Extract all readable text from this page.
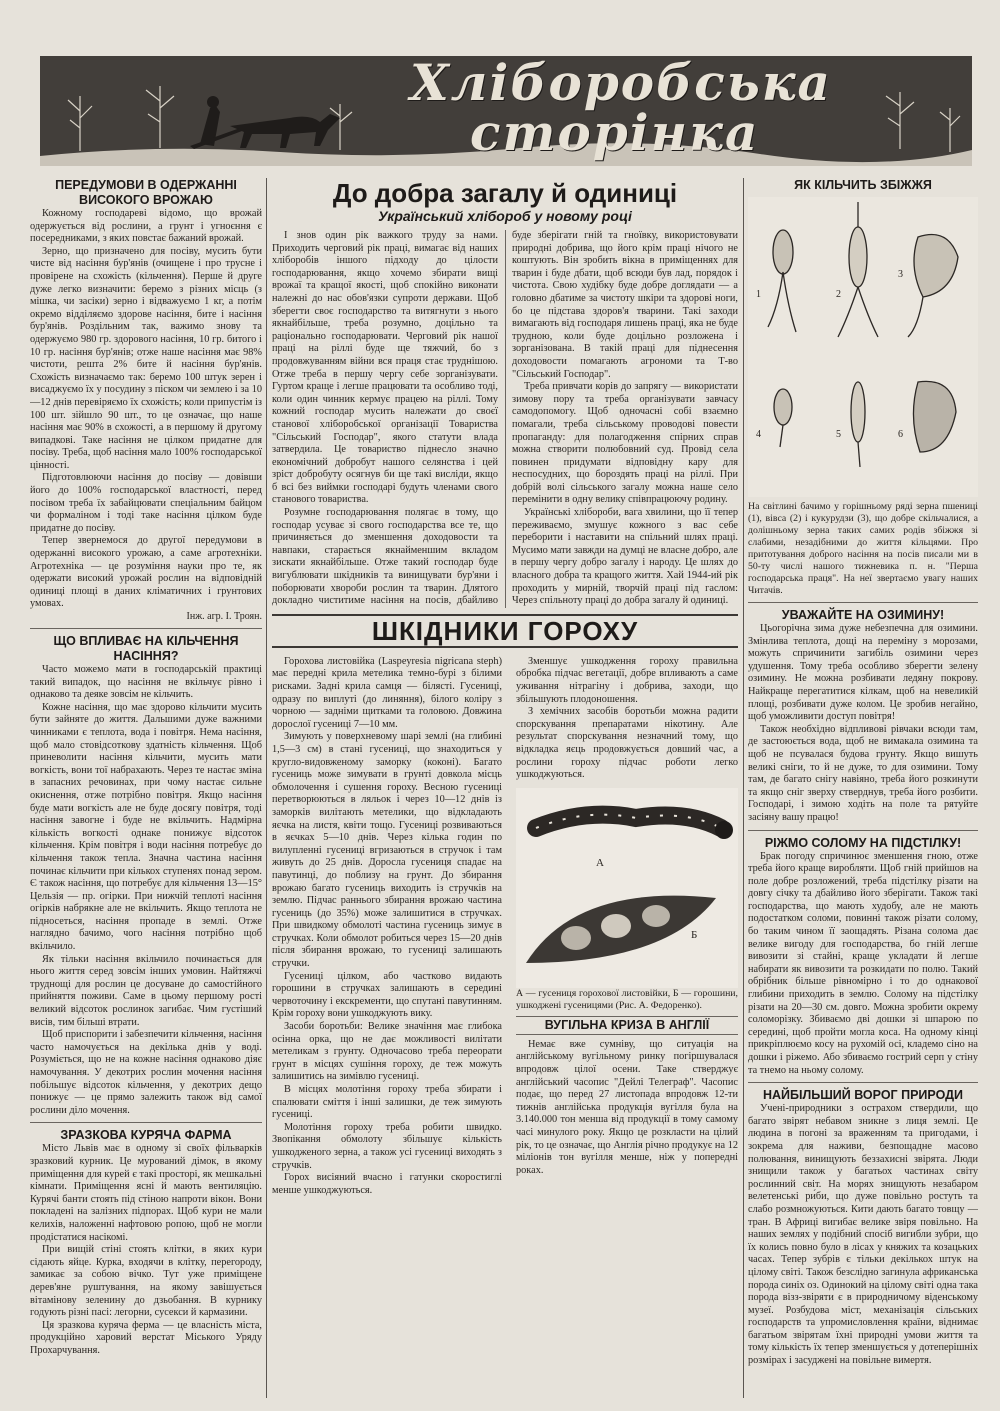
Хліборобська
сторінка
ПЕРЕДУМОВИ В ОДЕРЖАННІ ВИСОКОГО ВРОЖАЮ

Кожному господареві відомо, що врожай одержується від рослини, а грунт і угноєння є посередниками, з яких повстає бажаний врожай.

Зерно, що призначено для посіву, мусить бути чисте від насіння бур'янів (очищене і про трусне і провірене на схожість (кільчення). Перше й друге дуже легко визначити: беремо з різних місць (з мішка, чи засіки) зерно і відважуємо 1 кг, а потім окремо відділяємо здорове насіння, бите і насіння бур'янів. Роздільним так, важимо знову та одержуємо 980 гр. здорового насіння, 10 гр. битого і 10 гр. насіння бур'янів; отже наше насіння має 98% чистоти, решта 2% бите й насіння бур'янів. Схожість визначаємо так: беремо 100 штук зерен і висаджуємо їх у посудину з піском чи землею і за 10—12 днів перевіряємо їх схожість; коли припустім із 100 шт. зійшло 90 шт., то це означає, що наше насіння має 90% в схожості, а в першому й другому випадкові. Таке насіння не цілком придатне для посіву. Треба, щоб насіння мало 100% господарської цінності.

Підготовлюючи насіння до посіву — довівши його до 100% господарської властності, перед посівом треба їх забайцювати спеціальним байцом чи формаліном і тоді таке насіння цілком буде придатне до посіву.

Тепер звернемося до другої передумови в одержанні високого урожаю, а саме агротехніки. Агротехніка — це розуміння науки про те, як одержати високий урожай рослин на відповідній одиниці площі в даних кліматичних і грунтових умовах.

Інж. агр. І. Троян.

ЩО ВПЛИВАЄ НА КІЛЬЧЕННЯ НАСІННЯ?

Часто можемо мати в господарській практиці такий випадок, що насіння не вкільчує рівно і однаково та деяке зовсім не кільчить.

Кожне насіння, що має здорово кільчити мусить бути зайняте до життя. Дальшими дуже важними чинниками є теплота, вода і повітря. Нема насіння, щоб мало стовідсоткову здатність кільчення. Щоб приневолити насіння кільчити, мусить мати вогкість, вони тої набрахають. Через те настає зміна в запасних речовинах, при чому настає сильне окиснення, отже потрібно повітря. Якщо насіння буде мати вогкість але не буде досягу повітря, тоді насіння завогне і буде не вкільчить. Надмірна кількість вогкості однаке понижує відсоток кільчення. Крім повітря і води насіння потребує до кільчення також тепла. Значна частина насіння починає кільчити при кількох ступенях понад зером. Є також насіння, що потребує для кільчення 13—15° Цельзія — пр. огірки. При нижчій теплоті насіння огірків набрякне але не вкільчить. Якщо теплота не підносеться, насіння пропаде в землі. Отже наглядно бачимо, чого насіння потрібно щоб вкільчило.

Як тільки насіння вкільчило починається для нього життя серед зовсім інших умовин. Найтяжчі труднощі для рослин це досуване до самостійного прийняття поживи. Саме в цьому першому рості великий відсоток рослинок загибає. Чим густіший висів, тим більші втрати.

Щоб приспорити і забезпечити кільчення, насіння часто намочується на декілька днів у воді. Розуміється, що не на кожне насіння однаково діяє намочування. У декотрих рослин мочення насіння побільшує відсоток кільчення, у декотрих дещо понижує — це прямо залежить також від самої рослини діло мочення.

ЗРАЗКОВА КУРЯЧА ФАРМА

Місто Львів має в одному зі своїх фільварків зразковий курник. Це мурований дімок, в якому приміщення для курей є такі просторі, як мешкальні кімнати. Приміщення ясні й мають вентиляцію. Курячі банти стоять під стіною напроти вікон. Вони покладені на залізних підпорах. Щоб кури не мали келихів, наложенні нафтовою ропою, щоб не могли продістатися насікомі.

При вищій стіні стоять клітки, в яких кури сідають яйце. Курка, входячи в клітку, перегороду, замикає за собою вічко. Тут уже приміщене дерев'яне руштування, на якому завішується вітамінову зеленину до дзьобання. В курнику годують різні пасі: легорни, сусекси й кармазини.

Ця зразкова куряча ферма — це власність міста, продукційно харовий верстат Міського Уряду Прохарчування.

До добра загалу й одиниці

Український хлібороб у новому році

І знов один рік важкого труду за нами. Приходить черговий рік праці, вимагає від наших хліборобів іншого підходу до цілости господарювання, якщо хочемо збирати вищі врожаї та кращої якості, щоб спокійно виконати належні до нас обов'язки супроти держави. Щоб зберегти своє господарство та витягнути з нього якнайбільше, треба розумно, доцільно та раціонально господарювати. Черговий рік нашої праці на ріллі буде ще тяжчий, бо з продовжуванням війни вся праця стає труднішою. Отже треба в першу чергу себе зорганізувати. Гуртом краще і легше працювати та особливо тоді, коли один чинник кермує працею на ріллі. Тому кожний господар мусить належати до своєї станової хліборобської організації Товариства "Сільський Господар", якого статути влада затвердила. Це товариство піднесло значно економічний добробут нашого селянства і цей зріст добробуту осягнув би ще такі висліди, якщо б всі без виймки господарі будуть членами свого станового товариства.

Розумне господарювання полягає в тому, що господар усуває зі свого господарства все те, що причиняється до зменшення доходовости та навпаки, старається якнайменшим вкладом зискати якнайбільше. Отже такий господар буде вигублювати шкідників та винищувати бур'яни і поборювати хвороби рослин та тварин. Длятого докладно чиститиме насіння на посів, дбайливо буде зберігати гній та гноївку, використовувати природні добрива, що його крім праці нічого не коштують. Він зробить вікна в приміщеннях для тварин і буде дбати, щоб всюди був лад, порядок і чистота. Свою худібку буде добре доглядати — а головно дбатиме за чистоту шкіри та здорові ноги, бо це підстава здоров'я тварини. Такі заходи вимагають від господаря лишень праці, яка не буде трудною, коли буде доцільно розложена і зорганізована. В такій праці для піднесення доходовости помагають агрономи та Т-во "Сільський Господар".

Треба привчати корів до запрягу — використати зимову пору та треба організувати завчасу самодопомогу. Щоб одночасні собі взаємно помагали, треба сільському проводові повести пропаганду: для полагодження спірних справ можна створити полюбовний суд. Провід села повинен придумати відповідну кару для неспосудних, що бороздять праці на ріллі. При добрій волі сільського загалу можна наше село перемінити в одну велику співпрацюючу родину.

Українські хлібороби, вага хвилини, що її тепер переживаємо, змушує кожного з вас себе переборити і наставити на спільний шлях праці. Мусимо мати завжди на думці не власне добро, але в першу чергу добро загалу і народу. Це шлях до власного добра та кращого життя. Хай 1944-ий рік проходить у мирній, творчій праці під гаслом: Через спільноту праці до добра загалу й одиниці.

ШКІДНИКИ ГОРОХУ

Горохова листовійка (Laspeyresia nigricana steph) має передні крила метелика темно-бурі з білими рисками. Задні крила самця — білясті. Гусениці, одразу по виплуті (до линяння), білого коліру з чорною — задніми щитками та головою. Довжина дорослої гусениці 7—10 мм.

Зимують у поверхневому шарі землі (на глибині 1,5—3 см) в стані гусениці, що знаходиться у кругло-видовженому заморку (коконі). Багато гусениць може зимувати в грунті довкола місць обмолочення і сушення гороху. Весною гусениці перетворюються в ляльок і через 10—12 днів із заморків вилітають метелики, що відкладають яєчка на листя, квіти тощо. Гусениці розвиваються в яєчках 5—10 днів. Через кілька годин по вилупленні гусениці вгризаються в стручок і там живуть до 25 днів. Доросла гусениця спадає на павутинці, до поблизу на грунт. До збирання врожаю багато гусениць виходить із стручків на землю. Підчас раннього збирання врожаю частина гусениць (до 35%) може залишитися в стручках. При швидкому обмолоті частина гусениць зимує в стручках. Коли обмолот робиться через 15—20 днів після збирання врожаю, то гусениці залишають стручки.

Гусениці цілком, або частково видають горошини в стручках залишають в середині червоточину і екскременти, що спутані павутинням. Крім гороху вони ушкоджують вику.

Засоби боротьби: Велике значіння має глибока осінна орка, що не дає можливості вилітати метеликам з грунту. Одночасово треба переорати грунт в місцях сушіння гороху, де теж можуть залишитись на зимівлю гусениці.

В місцях молотіння гороху треба збирати і спалювати сміття і інші залишки, де теж зимують гусениці.

Молотіння гороху треба робити швидко. Звопікання обмолоту збільшує кількість ушкодженого зерна, а також усі гусениці виходять з стручків.

Горох висіяний вчасно і гатунки скоростиглі менше ушкоджуються.

Зменшує ушкодження гороху правильна обробка підчас вегетації, добре впливають а саме уживання нітрагіну і добрива, заходи, що збільшують плодоношення.

З хемічних засобів боротьби можна радити спорскування препаратами нікотину. Але результат спорскування незначний тому, що відкладка яєць продовжується довший час, а рослини гороху підчас роботи легко ушкоджуються.

А
Б

А — гусениця горохової листовійки, Б — горошини, ушкоджені гусеницями (Рис. А. Федоренко).

ВУГІЛЬНА КРИЗА В АНГЛІЇ

Немає вже сумніву, що ситуація на англійському вугільному ринку погіршувалася впродовж цілої осени. Таке стверджує англійський часопис "Дейлі Телеграф". Часопис подає, що перед 27 листопада впродовж 12-ти тижнів англійська продукція вугілля була на 3.140.000 тон менша від продукції в тому самому часі минулого року. Якщо це розкласти на цілий рік, то це означає, що Англія річно продукує на 12 міліонів тон вугілля менше, ніж у попередні роках.

ЯК КІЛЬЧИТЬ ЗБІЖЖЯ
1	2
3
4	5	6

На світлині бачимо у горішньому ряді зерна пшениці (1), вівса (2) і кукурудзи (3), що добре скільчалися, а долішньому зерна таких самих родів збіжжя зі слабими, незадібними до життя кільцями. Про притотування доброго насіння на посів писали ми в 50-ту числі нашого тижневика п. н. "Перша господарська праця". На неї звертаємо увагу наших Читачів.

УВАЖАЙТЕ НА ОЗИМИНУ!

Цьогорічна зима дуже небезпечна для озимини. Змінлива теплота, дощі на переміну з морозами, можуть спричинити загибіль озимини через удушення. Тому треба особливо зберегти зелену озимину. Не можна розбивати ледяну покрову. Найкраще перегатитися кілкам, щоб на невеликій площі, розбивати дуже колом. Це зробив негайно, щоб уможливити доступ повітря!

Також необхідно відпливові рівчаки всюди там, де застоюється вода, щоб не вимакала озимина та щоб не псувалася будова грунту. Якщо вишуть великі сніги, то й не дуже, то для озимини. Тому там, де багато снігу навіяно, треба його розкинути та якщо сніг зверху стверднув, треба його розбити. Господарі, і зимою ходіть на поле та рятуйте засіяну вашу працю!

РІЖМО СОЛОМУ НА ПІДСТІЛКУ!

Брак погоду спричинює зменшення гною, отже треба його краще виробляти. Щоб гній прийшов на поле добре розложений, треба підстілку різати на довгу січку та дбайливо його зберігати. Також такі господарства, що мають худобу, але не мають подостатком соломи, повинні також різати солому, бо таким чином її заощадять. Різана солома дає велике вигоду для господарства, бо гній легше вивозити зі стайні, краще укладати й легше набирати як вивозити та розкидати по полю. Такий обрібник більше рівномірно і то до однакової глибини приходить в землю. Солому на підстілку різати на 20—30 см. довго. Можна зробити окрему соломорізку. Збиваємо дві дошки зі шпарою по середині, щоб пройти могла коса. На одному кінці прикріплюємо косу на рухомій осі, кладемо сіно на дошки і ріжемо. Або збиваємо гострий серп у стіну та тнемо на ньому солому.

НАЙБІЛЬШИЙ ВОРОГ ПРИРОДИ

Учені-природники з острахом ствердили, що багато звірят небавом зникне з лиця землі. Це людина в погоні за враженням та пригодами, і зокрема для наживи, безпощадне масово полювання, винищують беззахисні звірята. Люди знищили також у багатьох частинах світу рослинний світ. На морях знищують незабаром велетенські ри́би, що дуже повільно ростуть та слабо розмножуються. Кити дають багато товщу — тран. В Африці вигибає велике звіря повільно. На наших землях у подібний спосіб вигибли зубри, що їх колись повно було в лісах у княжих та козацьких часах. Тепер зубрів є тільки декількох штук на цілому світі. Також безслідно загинула африканська порода синіх оз. Одинокий на цілому світі одна така порода візз-звіряти є в природничому віденському музеї. Розбудова міст, механізація сільських господарств та упромисловлення країни, віднимає багатьом звірятам їхні природні умови життя та тому кількість їх тепер зменшується у дотеперішніх розмірах і засуджені на повільне вимертя.
